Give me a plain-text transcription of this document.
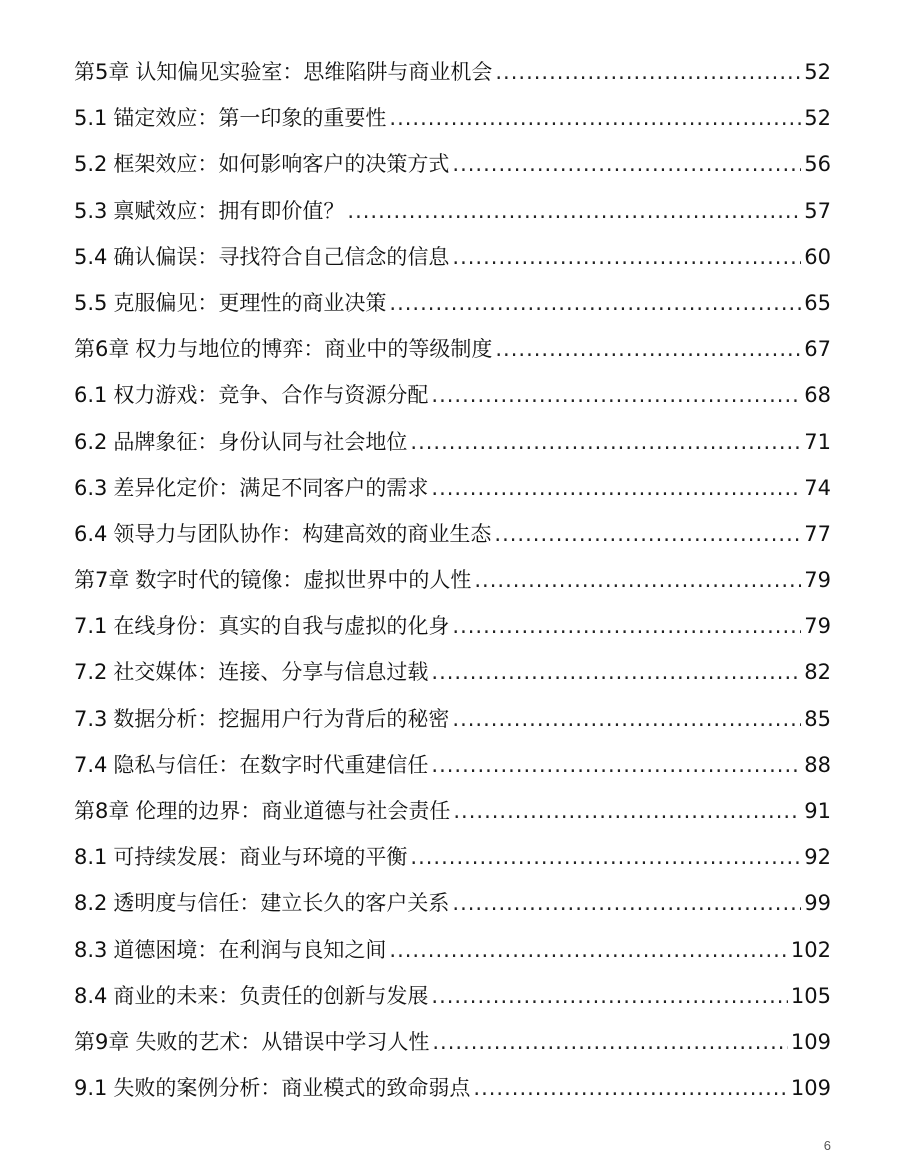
第5章 认知偏见实验室：思维陷阱与商业机会 .....	52
5.1 锚定效应：第一印象的重要性 .....	52
5.2 框架效应：如何影响客户的决策方式 .....	56
5.3 禀赋效应：拥有即价值？ .....	57
5.4 确认偏误：寻找符合自己信念的信息 .....	60
5.5 克服偏见：更理性的商业决策 .....	65
第6章 权力与地位的博弈：商业中的等级制度 .....	67
6.1 权力游戏：竞争、合作与资源分配 .....	68
6.2 品牌象征：身份认同与社会地位 .....	71
6.3 差异化定价：满足不同客户的需求 .....	74
6.4 领导力与团队协作：构建高效的商业生态 .....	77
第7章 数字时代的镜像：虚拟世界中的人性 .....	79
7.1 在线身份：真实的自我与虚拟的化身 .....	79
7.2 社交媒体：连接、分享与信息过载 .....	82
7.3 数据分析：挖掘用户行为背后的秘密 .....	85
7.4 隐私与信任：在数字时代重建信任 .....	88
第8章 伦理的边界：商业道德与社会责任 .....	91
8.1 可持续发展：商业与环境的平衡 .....	92
8.2 透明度与信任：建立长久的客户关系 .....	99
8.3 道德困境：在利润与良知之间 .....	102
8.4 商业的未来：负责任的创新与发展 .....	105
第9章 失败的艺术：从错误中学习人性 .....	109
9.1 失败的案例分析：商业模式的致命弱点 .....	109
6
